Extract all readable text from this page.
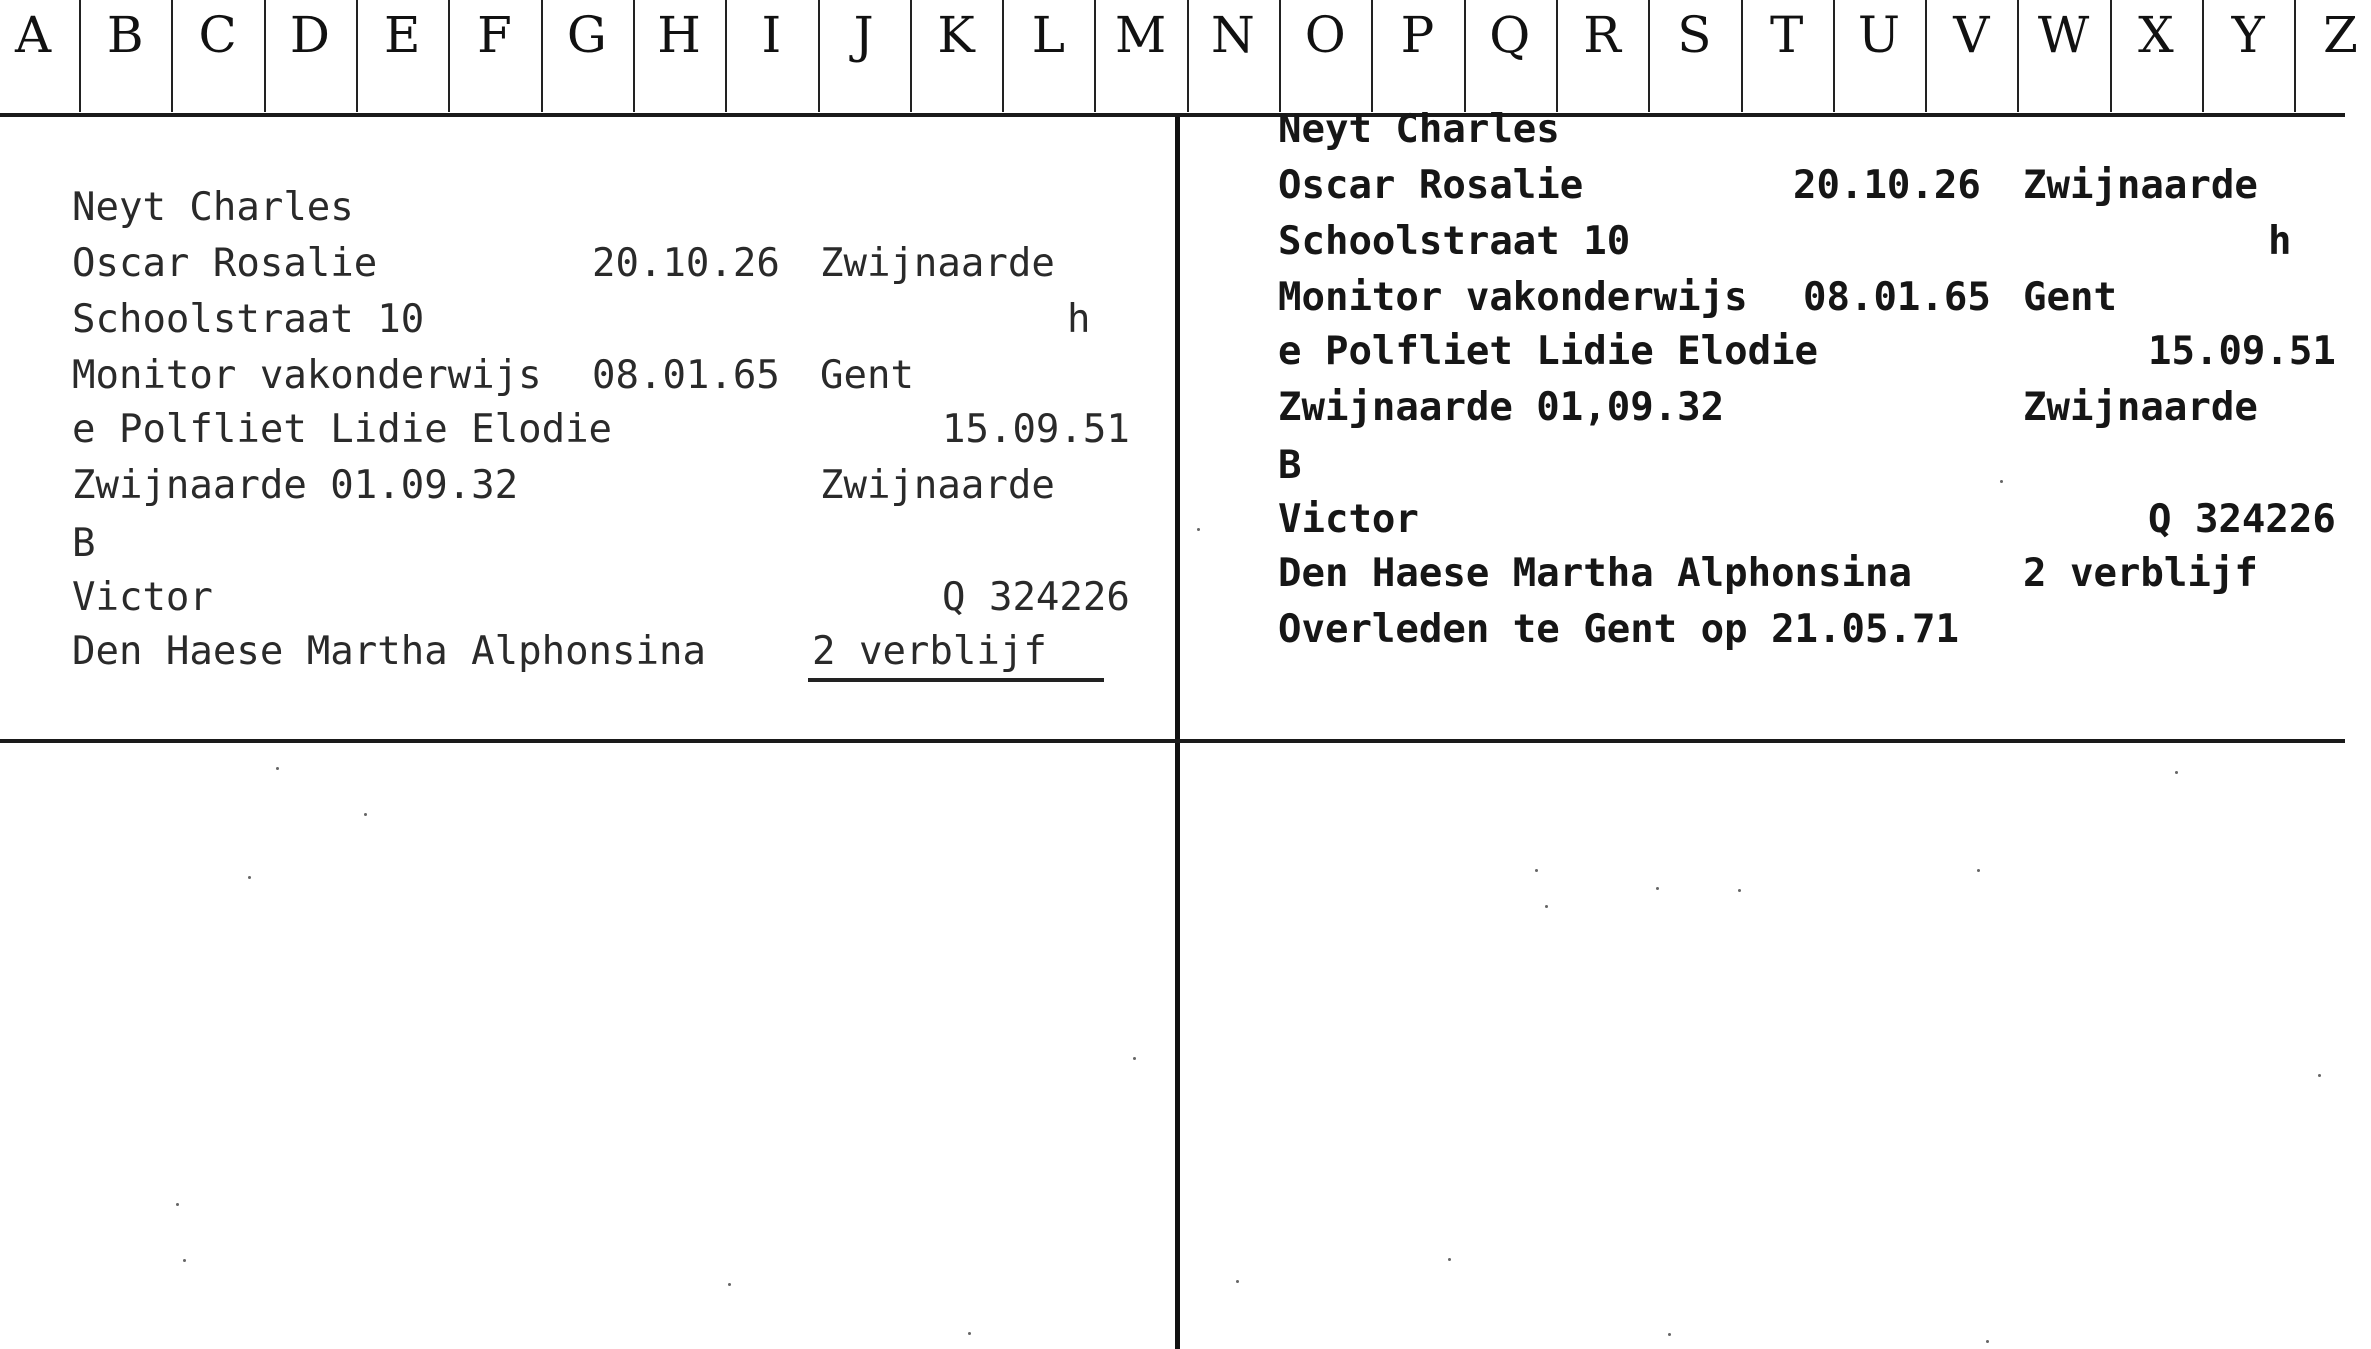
A B C D E F G H	I	J	K L M N O P Q R S T U V W X Y Z
Neyt Charles
Oscar Rosalie	20.10.26 Zwijnaarde
Schoolstraat 10	h
Monitor vakonderwijs 08.01.65 Gent
e Polfliet Lidie Elodie	15.09.51
Zwijnaarde 01.09.32	Zwijnaarde
B
Victor	Q 324226
Den Haese Martha Alphonsina	2 verblijf
Neyt Charles
Oscar Rosalie	20.10.26 Zwijnaarde
Schoolstraat 10	h
Monitor vakonderwijs 08.01.65 Gent
e Polfliet Lidie Elodie	15.09.51
Zwijnaarde 01,09.32	Zwijnaarde
B
Victor	Q 324226
Den Haese Martha Alphonsina	2 verblijf
Overleden te Gent op 21.05.71
